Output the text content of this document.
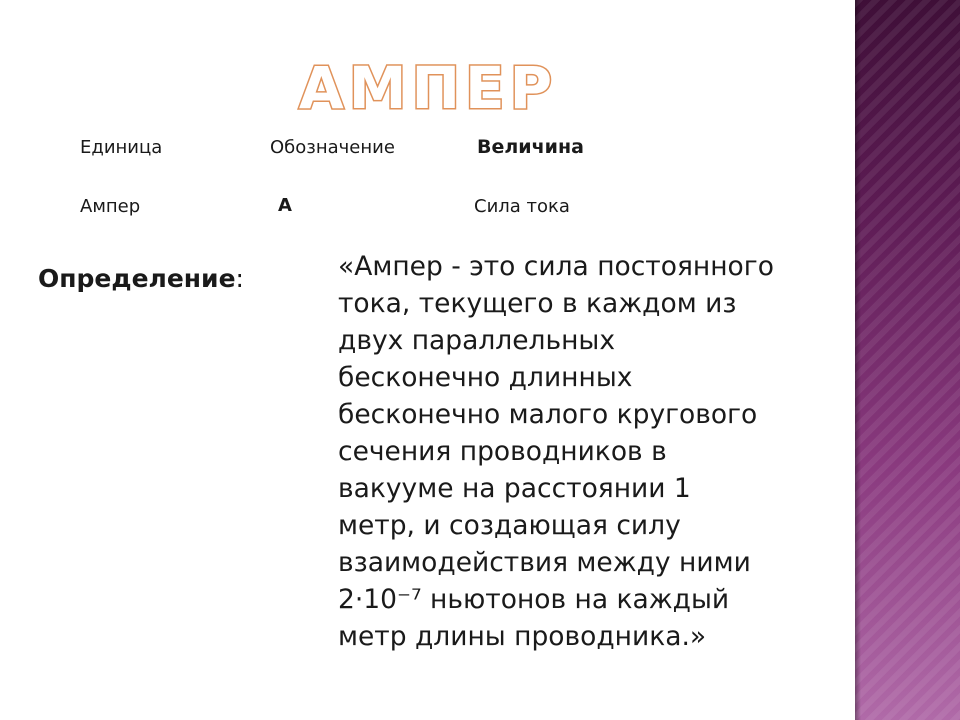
АМПЕР
Единица	Обозначение	Величина
Ампер	А	Сила тока
Определение:	«Ампер - это сила постоянного
тока, текущего в каждом из
двух параллельных
бесконечно длинных
бесконечно малого кругового
сечения проводников в
вакууме на расстоянии 1
метр, и создающая силу
взаимодействия между ними
2·10⁻⁷ ньютонов на каждый
метр длины проводника.»
